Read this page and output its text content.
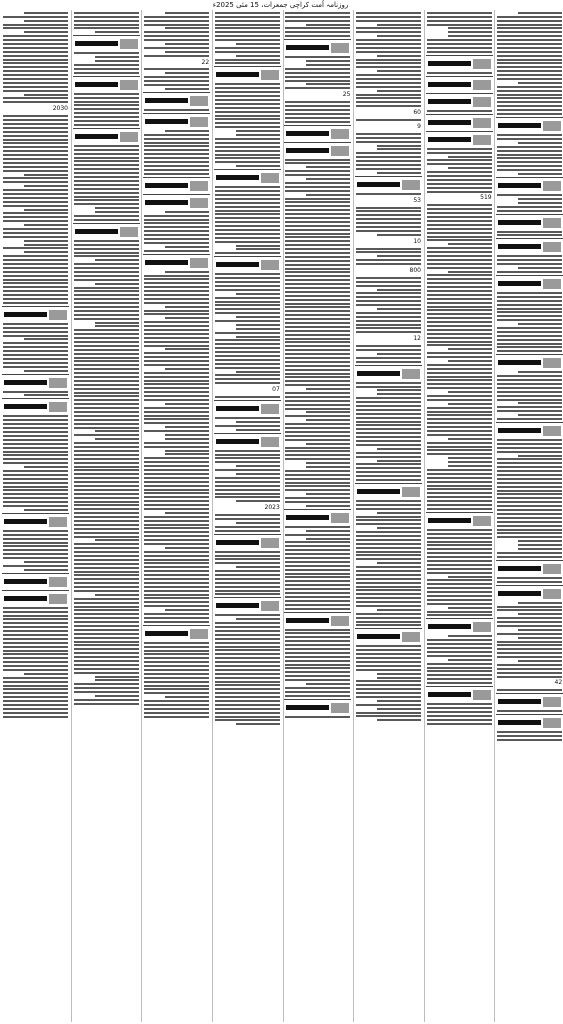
روزنامہ اُمت کراچی جمعرات، 15 مئی 2025ء
42
519
60
9
53
10
800
12
25
07
2023
22
2030
